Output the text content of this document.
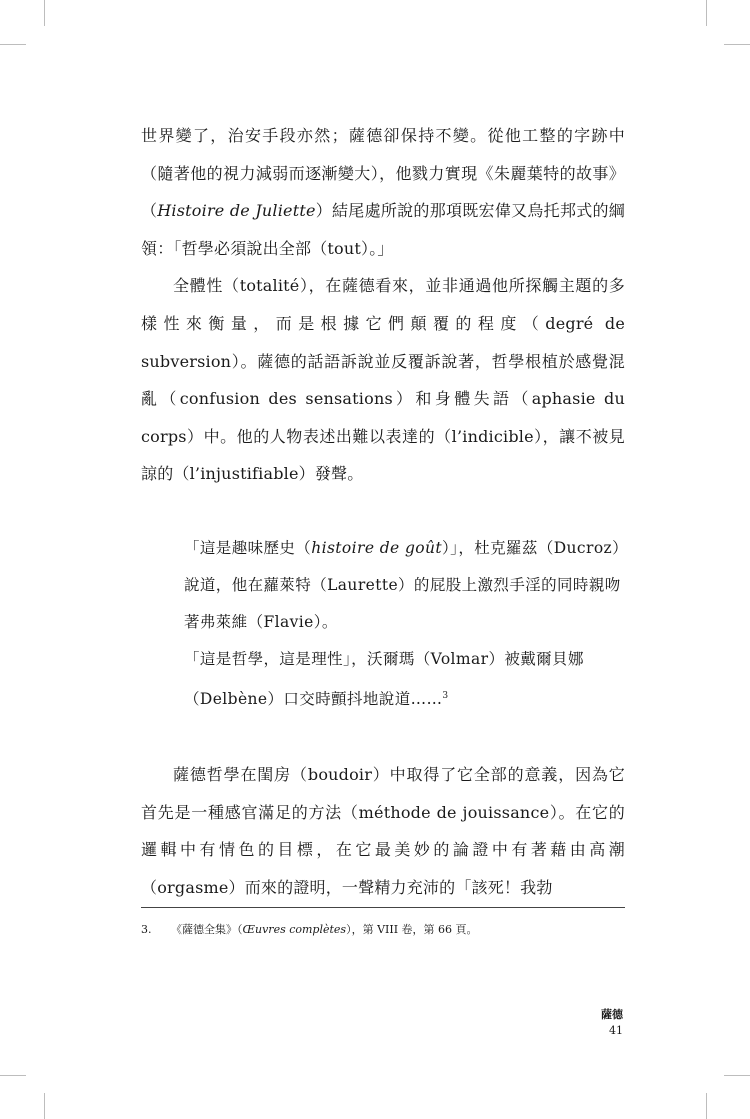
世界變了，治安手段亦然；薩德卻保持不變。從他工整的字跡中（隨著他的視力減弱而逐漸變大），他戮力實現《朱麗葉特的故事》（Histoire de Juliette）結尾處所說的那項既宏偉又烏托邦式的綱領：「哲學必須說出全部（tout）。」

全體性（totalité），在薩德看來，並非通過他所探觸主題的多樣性來衡量，而是根據它們顛覆的程度（degré de subversion）。薩德的話語訴說並反覆訴說著，哲學根植於感覺混亂（confusion des sensations）和身體失語（aphasie du corps）中。他的人物表述出難以表達的（l’indicible），讓不被見諒的（l’injustifiable）發聲。

「這是趣味歷史（histoire de goût）」，杜克羅茲（Ducroz）說道，他在蘿萊特（Laurette）的屁股上激烈手淫的同時親吻著弗萊維（Flavie）。

「這是哲學，這是理性」，沃爾瑪（Volmar）被戴爾貝娜（Delbène）口交時顫抖地說道……$^3$

薩德哲學在閨房（boudoir）中取得了它全部的意義，因為它首先是一種感官滿足的方法（méthode de jouissance）。在它的邏輯中有情色的目標，在它最美妙的論證中有著藉由高潮（orgasme）而來的證明，一聲精力充沛的「該死！我勃

3. 《薩德全集》（Œuvres complètes），第 VIII 卷，第 66 頁。
薩德
41
